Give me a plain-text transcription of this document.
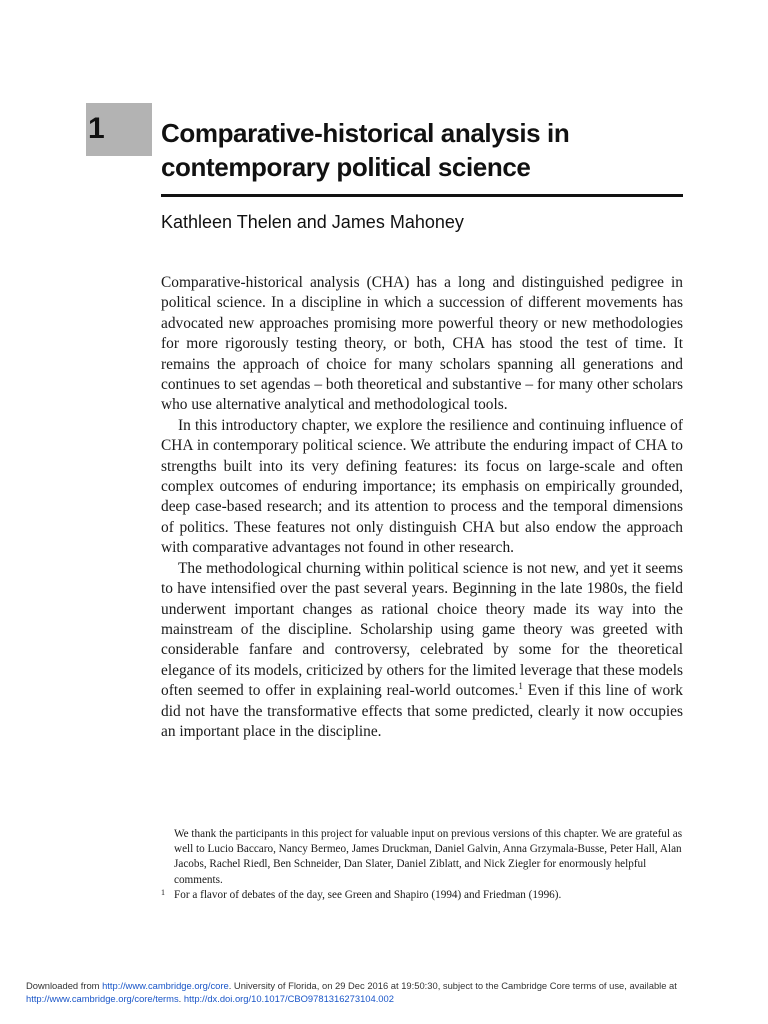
1 Comparative-historical analysis in contemporary political science
Kathleen Thelen and James Mahoney

Comparative-historical analysis (CHA) has a long and distinguished pedigree in political science. In a discipline in which a succession of different movements has advocated new approaches promising more powerful theory or new methodologies for more rigorously testing theory, or both, CHA has stood the test of time. It remains the approach of choice for many scholars spanning all generations and continues to set agendas – both theoretical and substantive – for many other scholars who use alternative analytical and methodological tools.

In this introductory chapter, we explore the resilience and continuing influence of CHA in contemporary political science. We attribute the enduring impact of CHA to strengths built into its very defining features: its focus on large-scale and often complex outcomes of enduring importance; its emphasis on empirically grounded, deep case-based research; and its attention to process and the temporal dimensions of politics. These features not only distinguish CHA but also endow the approach with comparative advantages not found in other research.

The methodological churning within political science is not new, and yet it seems to have intensified over the past several years. Beginning in the late 1980s, the field underwent important changes as rational choice theory made its way into the mainstream of the discipline. Scholarship using game theory was greeted with considerable fanfare and controversy, celebrated by some for the theoretical elegance of its models, criticized by others for the limited leverage that these models often seemed to offer in explaining real-world outcomes.$^1$ Even if this line of work did not have the transformative effects that some predicted, clearly it now occupies an important place in the discipline.

We thank the participants in this project for valuable input on previous versions of this chapter. We are grateful as well to Lucio Baccaro, Nancy Bermeo, James Druckman, Daniel Galvin, Anna Grzymala-Busse, Peter Hall, Alan Jacobs, Rachel Riedl, Ben Schneider, Dan Slater, Daniel Ziblatt, and Nick Ziegler for enormously helpful comments.

1 For a flavor of debates of the day, see Green and Shapiro (1994) and Friedman (1996).

Downloaded from http://www.cambridge.org/core. University of Florida, on 29 Dec 2016 at 19:50:30, subject to the Cambridge Core terms of use, available at http://www.cambridge.org/core/terms. http://dx.doi.org/10.1017/CBO9781316273104.002
